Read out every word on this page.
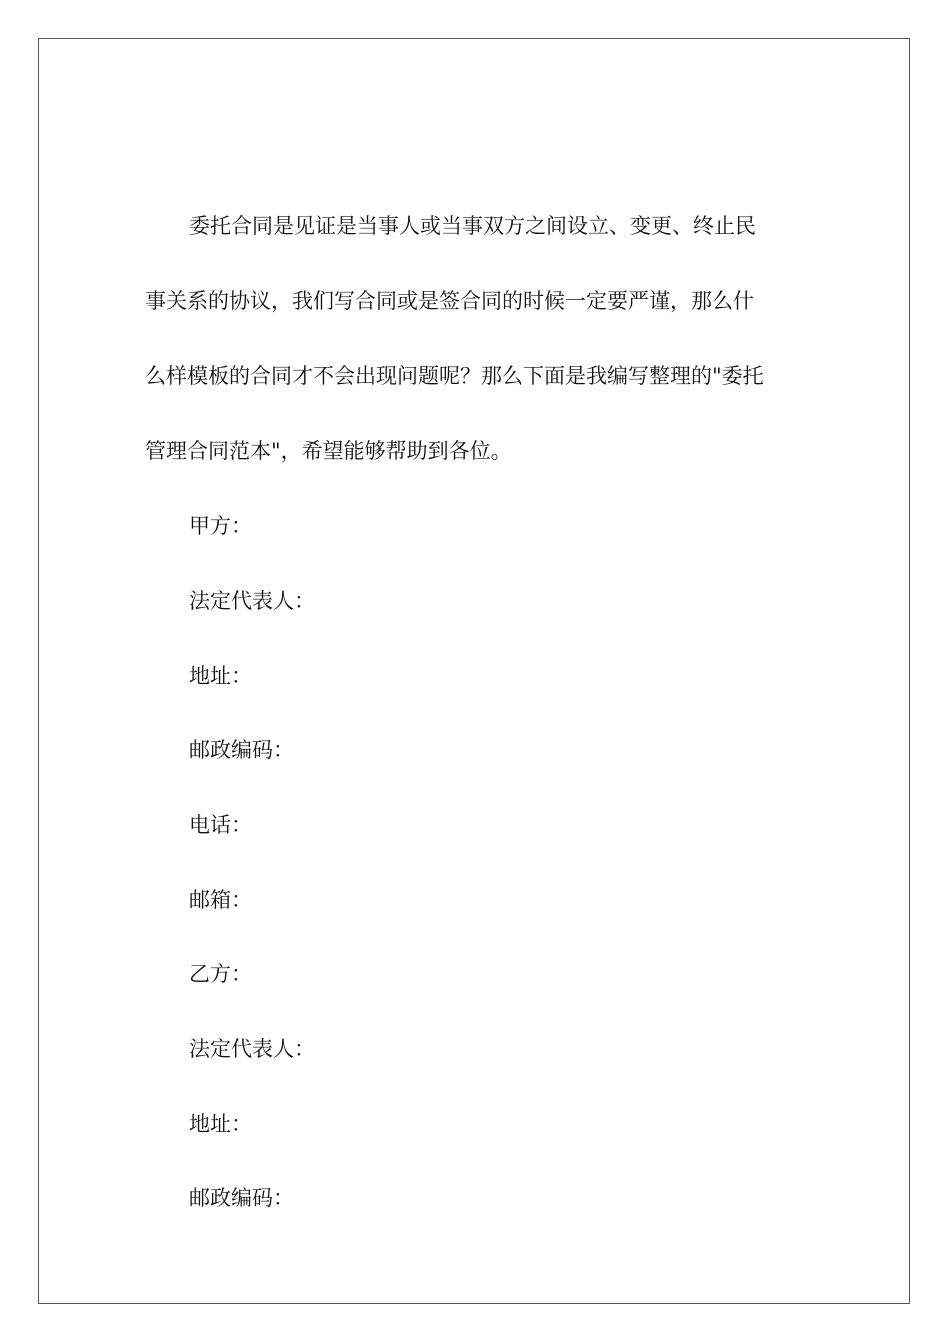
委托合同是见证是当事人或当事双方之间设立、变更、终止民
事关系的协议，我们写合同或是签合同的时候一定要严谨，那么什
么样模板的合同才不会出现问题呢？那么下面是我编写整理的"委托
管理合同范本"，希望能够帮助到各位。
甲方：
法定代表人：
地址：
邮政编码：
电话：
邮箱：
乙方：
法定代表人：
地址：
邮政编码：
